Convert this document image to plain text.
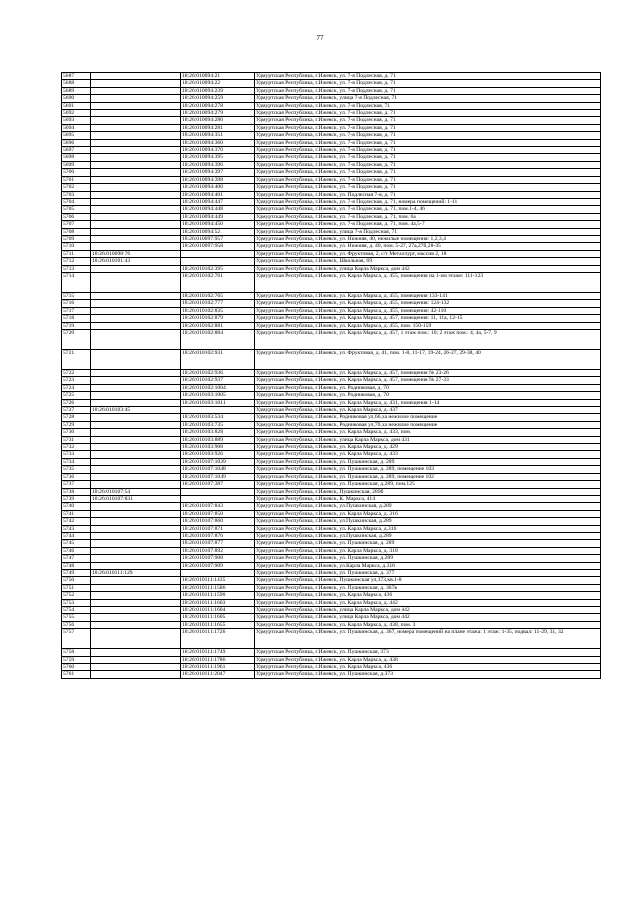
77
5687		18:26:010094:21	Удмуртская Республика, г.Ижевск, ул. 7-я Подлесная, д. 71
5688		18:26:010094:22	Удмуртская Республика, г.Ижевск, ул. 7-я Подлесная, д. 71
5689		18:26:010094:239	Удмуртская Республика, г.Ижевск, ул. 7-я Подлесная, д. 71
5690		18:26:010094:259	Удмуртская Республика, г.Ижевск, улица 7-я Подлесная, 71
5691		18:26:010094:278	Удмуртская Республика, г.Ижевск, ул. 7-я Подлесная, 71
5692		18:26:010094:279	Удмуртская Республика, г.Ижевск, ул. 7-я Подлесная, д. 71
5693		18:26:010094:280	Удмуртская Республика, г.Ижевск, ул. 7-я Подлесная, д. 71
5694		18:26:010094:281	Удмуртская Республика, г.Ижевск, ул. 7-я Подлесная, д. 71
5695		18:26:010094:351	Удмуртская Республика, г.Ижевск, ул. 7-я Подлесная, д. 71
5696		18:26:010094:360	Удмуртская Республика, г.Ижевск, ул. 7-я Подлесная, д. 71
5697		18:26:010094:370	Удмуртская Республика, г.Ижевск, ул. 7-я Подлесная, д. 71
5698		18:26:010094:395	Удмуртская Республика, г.Ижевск, ул. 7-я Подлесная, д. 71
5699		18:26:010094:396	Удмуртская Республика, г.Ижевск, ул. 7-я Подлесная, д. 71
5700		18:26:010094:397	Удмуртская Республика, г.Ижевск, ул. 7-я Подлесная, д. 71
5701		18:26:010094:398	Удмуртская Республика, г.Ижевск, ул. 7-я Подлесная, д. 71
5702		18:26:010094:400	Удмуртская Республика, г.Ижевск, ул. 7-я Подлесная, д. 71
5703		18:26:010094:401	Удмуртская Республика, г.Ижевск, ул. Подлесная 7-я, д. 71
5704		18:26:010094:447	Удмуртская Республика, г.Ижевск, ул. 7-я Подлесная, д. 71, номера помещений: 1-11
5705		18:26:010094:448	Удмуртская Республика, г.Ижевск, ул. 7-я Подлесная, д. 71, пом.1-4, 46
5706		18:26:010094:449	Удмуртская Республика, г.Ижевск, ул. 7-я Подлесная, д. 71, пом. 6а
5707		18:26:010094:450	Удмуртская Республика, г.Ижевск, ул. 7-я Подлесная, д. 71, пом. 4а,5-7
5708		18:26:010094:52	Удмуртская Республика, г.Ижевск, улица 7-я Подлесная, 71
5709		18:26:010097:957	Удмуртская Республика, г.Ижевск, ул. Нижняя, 40, нежилые помещения: 1,2,3,4
5710		18:26:010097:958	Удмуртская Республика, г.Ижевск, ул. Нижняя, д. 40, пом. 5-27, 27а,27б,28-35
5711	18:26:010098:76		Удмуртская Республика, г.Ижевск, ул. Фруктовая, 2, с/т Металлург, массив 2, 18
5712	18:26:010101:43		Удмуртская Республика, г.Ижевск, Школьная, 69
5713		18:26:010102:395	Удмуртская Республика, г.Ижевск, улица Карла Маркса, дом 442
5714		18:26:010102:761	Удмуртская Республика, г.Ижевск, ул. Карла Маркса, д. 455, помещения на 1-ом этаже: 111-123
5715		18:26:010102:765	Удмуртская Республика, г.Ижевск, ул. Карла Маркса, д. 455, помещения 133-141
5716		18:26:010102:777	Удмуртская Республика, г.Ижевск, ул. Карла Маркса, д. 455, помещения: 124-132
5717		18:26:010102:835	Удмуртская Республика, г.Ижевск, ул. Карла Маркса, д. 455, помещения: 42-110
5718		18:26:010102:879	Удмуртская Республика, г.Ижевск, ул. Карла Маркса, д. 457, помещения: 11, 11а, 12-15
5719		18:26:010102:881	Удмуртская Республика, г.Ижевск, ул. Карла Маркса, д. 455, пом. 150-159
5720		18:26:010102:884	Удмуртская Республика, г.Ижевск, ул. Карла Маркса, д. 457, 1 этаж пом.: 10; 2 этаж пом.: 4, 4а, 5-7, 9
5721		18:26:010102:931	Удмуртская Республика, г.Ижевск, ул. Фруктовая, д. 41, пом. 1-8, 11-17, 19-24, 26-27, 29-38, 40
5722		18:26:010102:936	Удмуртская Республика, г.Ижевск, ул. Карла Маркса, д. 457, помещения № 23-26
5723		18:26:010102:937	Удмуртская Республика, г.Ижевск, ул. Карла Маркса, д. 457, помещения № 27-33
5724		18:26:010102:1004	Удмуртская Республика, г.Ижевск, ул. Родниковая, д. 70
5725		18:26:010103:1005	Удмуртская Республика, г.Ижевск, ул. Родниковая, д. 70
5726		18:26:010103:1011	Удмуртская Республика, г.Ижевск, ул. Карла Маркса, д. 431, помещения 1-14
5727	18:26:010103:45		Удмуртская Республика, г.Ижевск, ул. Карла Маркса, д. 437
5728		18:26:010103:534	Удмуртская Республика, г.Ижевск, Родниковая ул,66,ха нежилое помещение
5729		18:26:010103:735	Удмуртская Республика, г.Ижевск, Родниковая ул,70,ха нежилое помещение
5730		18:26:010103:828	Удмуртская Республика, г.Ижевск, ул. Карла Маркса, д. 433, пом.
5731		18:26:010103:889	Удмуртская Республика, г.Ижевск, улица Карла Маркса, дом 431
5732		18:26:010103:908	Удмуртская Республика, г.Ижевск, ул. Карла Маркса, д. 429
5733		18:26:010103:926	Удмуртская Республика, г.Ижевск, ул. Карла Маркса, д. 433
5734		18:26:010107:1039	Удмуртская Республика, г.Ижевск, ул. Пушкинская, д. 289
5735		18:26:010107:1048	Удмуртская Республика, г.Ижевск, ул. Пушкинская, д. 289, помещение 103
5736		18:26:010107:1049	Удмуртская Республика, г.Ижевск, ул. Пушкинская, д. 289, помещение 102
5737		18:26:010107:387	Удмуртская Республика, г.Ижевск, ул. Пушкинская, д.289, пом.125
5738	18:26:010107:54		Удмуртская Республика, г.Ижевск, Пушкинская, 289б
5739	18:26:010107:831		Удмуртская Республика, г.Ижевск, К. Маркса, 414
5740		18:26:010107:843	Удмуртская Республика, г.Ижевск, ул.Пушкинская, д.289
5741		18:26:010107:850	Удмуртская Республика, г.Ижевск, ул. Карла Маркса, д. 316
5742		18:26:010107:860	Удмуртская Республика, г.Ижевск, ул.Пушкинская, д.289
5743		18:26:010107:871	Удмуртская Республика, г.Ижевск, ул. Карла Маркса, д.316
5744		18:26:010107:876	Удмуртская Республика, г.Ижевск, ул.Пушкинская, д.289
5745		18:26:010107:877	Удмуртская Республика, г.Ижевск, ул. Пушкинская, д. 289
5746		18:26:010107:892	Удмуртская Республика, г.Ижевск, ул. Карла Маркса, д. 318
5747		18:26:010107:908	Удмуртская Республика, г.Ижевск, ул. Пушкинская, д.289
5748		18:26:010107:909	Удмуртская Республика, г.Ижевск, ул.Карла Маркса, д.316
5749	18:26:010111:129		Удмуртская Республика, г.Ижевск, ул. Пушкинская, д. 377
5750		18:26:010111:1435	Удмуртская Республика, г.Ижевск, Пушкинская ул,373,кв.1-8
5751		18:26:010111:1586	Удмуртская Республика, г.Ижевск, ул. Пушкинская, д. 367в
5752		18:26:010111:1590	Удмуртская Республика, г.Ижевск, ул. Карла Маркса, 436
5753		18:26:010111:1603	Удмуртская Республика, г.Ижевск, ул. Карла Маркса, д. 442
5754		18:26:010111:1604	Удмуртская Республика, г.Ижевск, улица Карла Маркса, дом 442
5755		18:26:010111:1605	Удмуртская Республика, г.Ижевск, улица Карла Маркса, дом 442
5756		18:26:010111:1655	Удмуртская Республика, г.Ижевск, ул. Карла Маркса, д. 438, пом. 3
5757		18:26:010111:1726	Удмуртская Республика, г.Ижевск, ул. Пушкинская, д. 367, номера помещений на плане этажа: 1 этаж: 1-35, подвал: 11-29, 31, 32
5758		18:26:010111:1749	Удмуртская Республика, г.Ижевск, ул. Пушкинская, 373
5759		18:26:010111:1786	Удмуртская Республика, г.Ижевск, ул. Карла Маркса, д. 438
5760		18:26:010111:1961	Удмуртская Республика, г.Ижевск, ул. Карла Маркса, 436
5761		18:26:010111:2047	Удмуртская Республика, г.Ижевск, ул. Пушкинская, д.373
